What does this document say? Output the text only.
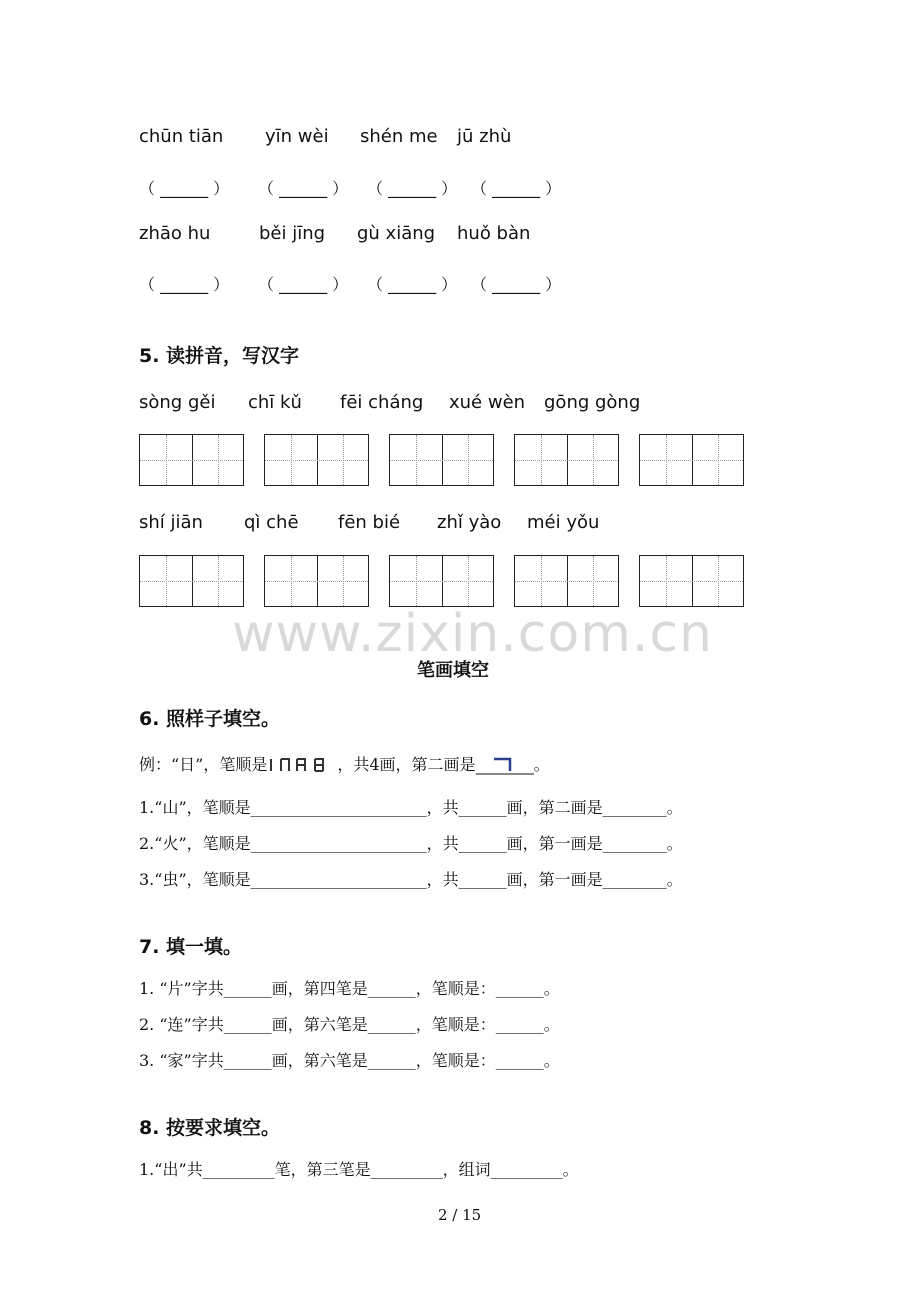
chūn tiān yīn wèi shén me jū zhù
（ ______ ） （ ______ ） （ ______ ） （ ______ ）
zhāo hu	běi jīng gù xiāng huǒ bàn
（ ______ ） （ ______ ） （ ______ ） （ ______ ）
5. 读拼音，写汉字
sòng gěi chī kǔ fēi cháng xué wèn gōng gòng
shí jiān qì chē fēn bié zhǐ yào méi yǒu
www.zixin.com.cn
笔画填空
6. 照样子填空。
例：“日”，笔顺是	，共4画，第二画是	。
1.“山”，笔顺是______________________，共______画，第二画是________。
2.“火”，笔顺是______________________，共______画，第一画是________。
3.“虫”，笔顺是______________________，共______画，第一画是________。
7. 填一填。
1. “片”字共______画，第四笔是______，笔顺是：______。
2. “连”字共______画，第六笔是______，笔顺是：______。
3. “家”字共______画，第六笔是______，笔顺是：______。
8. 按要求填空。
1.“出”共_________笔，第三笔是_________，组词_________。
2 / 15
